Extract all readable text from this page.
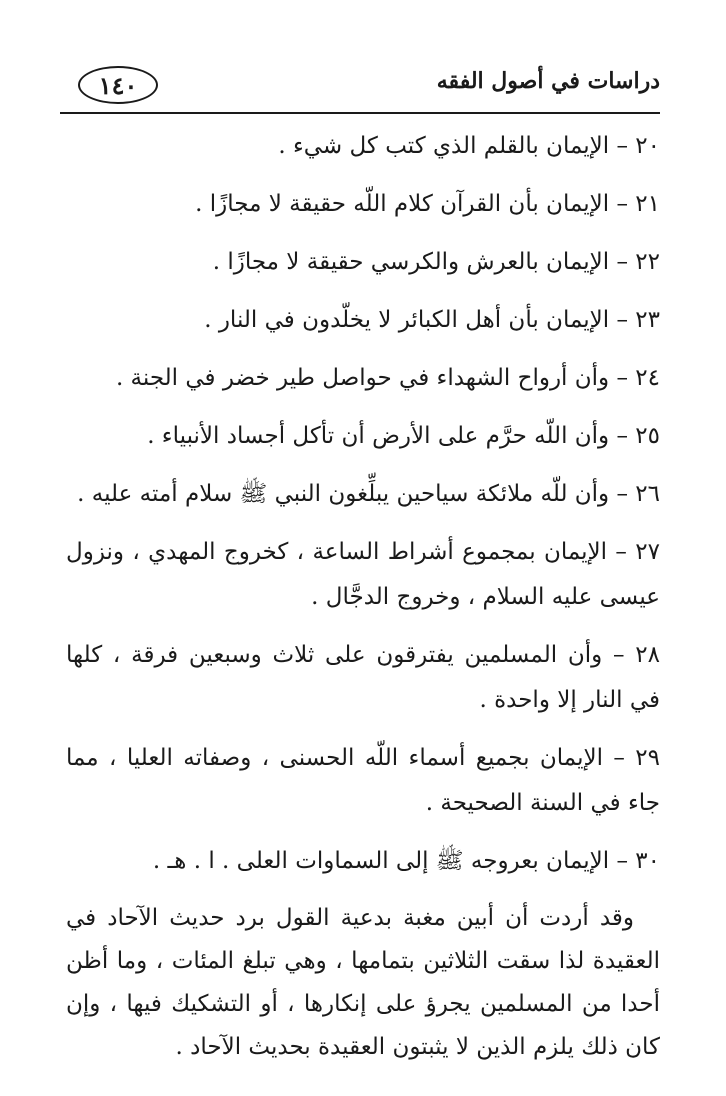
١٤٠	دراسات في أصول الفقه

٢٠ – الإيمان بالقلم الذي كتب كل شيء .

٢١ – الإيمان بأن القرآن كلام اللّه حقيقة لا مجازًا .

٢٢ – الإيمان بالعرش والكرسي حقيقة لا مجازًا .

٢٣ – الإيمان بأن أهل الكبائر لا يخلّدون في النار .

٢٤ – وأن أرواح الشهداء في حواصل طير خضر في الجنة .

٢٥ – وأن اللّه حرَّم على الأرض أن تأكل أجساد الأنبياء .

٢٦ – وأن للّه ملائكة سياحين يبلِّغون النبي ﷺ سلام أمته عليه .

٢٧ – الإيمان بمجموع أشراط الساعة ، كخروج المهدي ، ونزول عيسى عليه السلام ، وخروج الدجَّال .

٢٨ – وأن المسلمين يفترقون على ثلاث وسبعين فرقة ، كلها في النار إلا واحدة .

٢٩ – الإيمان بجميع أسماء اللّه الحسنى ، وصفاته العليا ، مما جاء في السنة الصحيحة .

٣٠ – الإيمان بعروجه ﷺ إلى السماوات العلى . ا . هـ .

وقد أردت أن أبين مغبة بدعية القول برد حديث الآحاد في العقيدة لذا سقت الثلاثين بتمامها ، وهي تبلغ المئات ، وما أظن أحدا من المسلمين يجرؤ على إنكارها ، أو التشكيك فيها ، وإن كان ذلك يلزم الذين لا يثبتون العقيدة بحديث الآحاد .
